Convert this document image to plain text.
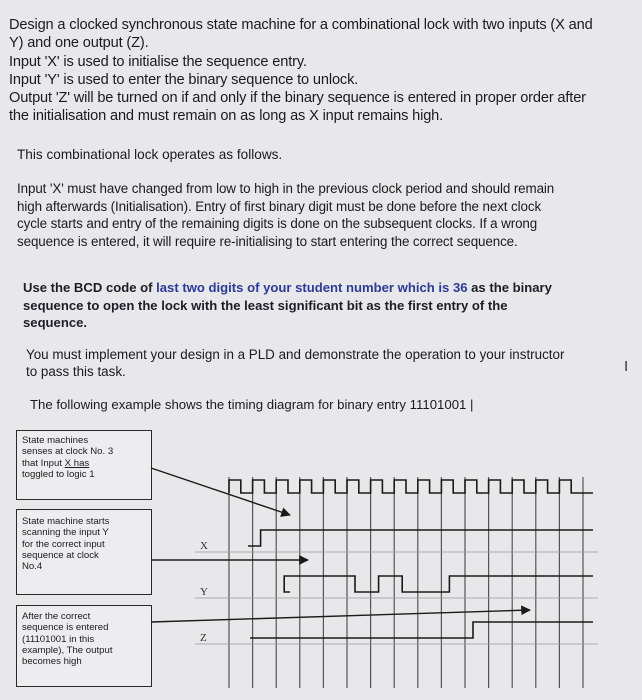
Design a clocked synchronous state machine for a combinational lock with two inputs (X and
Y) and one output (Z).
Input 'X' is used to initialise the sequence entry.
Input 'Y' is used to enter the binary sequence to unlock.
Output 'Z' will be turned on if and only if the binary sequence is entered in proper order after
the initialisation and must remain on as long as X input remains high.
This combinational lock operates as follows.
Input 'X' must have changed from low to high in the previous clock period and should remain
high afterwards (Initialisation). Entry of first binary digit must be done before the next clock
cycle starts and entry of the remaining digits is done on the subsequent clocks. If a wrong
sequence is entered, it will require re-initialising to start entering the correct sequence.
Use the BCD code of last two digits of your student number which is 36 as the binary
sequence to open the lock with the least significant bit as the first entry of the
sequence.
You must implement your design in a PLD and demonstrate the operation to your instructor
to pass this task.	I
The following example shows the timing diagram for binary entry 11101001 |
State machines
senses at clock No. 3
that Input X has
toggled to logic 1
State machine starts
scanning the input Y
for the correct input
sequence at clock
No.4
After the correct
sequence is entered
(11101001 in this
example), The output
becomes high
X
Y
Z
